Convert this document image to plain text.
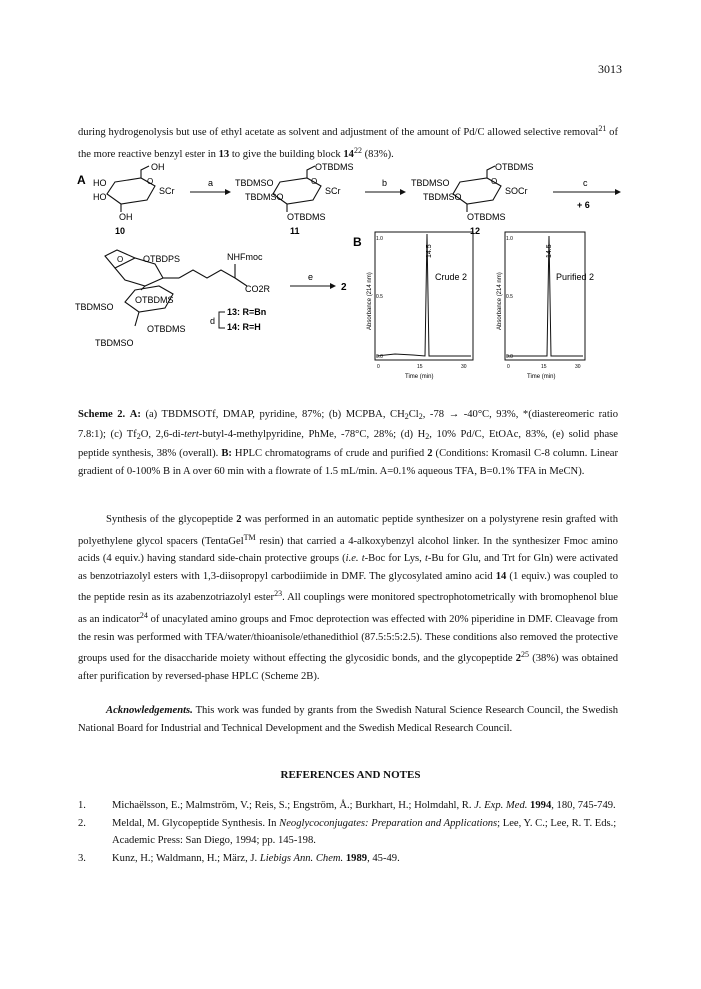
3013

during hydrogenolysis but use of ethyl acetate as solvent and adjustment of the amount of Pd/C allowed selective removal$^{21}$ of the more reactive benzyl ester in 13 to give the building block $14^{22}$ (83%).

A
OH
HO
HO
O
SCr
OH
10
a
OTBDMS
TBDMSO
TBDMSO
O
SCr
OTBDMS
11
b
OTBDMS
TBDMSO
TBDMSO
O
SOCr
OTBDMS
12
c
+ 6
O OTBDPS	NHFmoc
CO2R
OTBDMS
TBDMSO
OTBDMS
TBDMSO
e
2
d
13: R=Bn
14: R=H
B
14.5
Crude 2
Absorbance (214 nm)
0.0
0.5
1.0
0	15	30
Time (min)
14.5
Purified 2
Absorbance (214 nm)
0.0
0.5
1.0
0	15	30
Time (min)

Scheme 2. A: (a) TBDMSOTf, DMAP, pyridine, 87%; (b) MCPBA, $CH_2Cl_2$, -78 → -40°C, 93%, *(diastereomeric ratio 7.8:1); (c) $Tf_2O$, 2,6-di-tert-butyl-4-methylpyridine, PhMe, -78°C, 28%; (d) $H_2$, 10% Pd/C, EtOAc, 83%, (e) solid phase peptide synthesis, 38% (overall). B: HPLC chromatograms of crude and purified 2 (Conditions: Kromasil C-8 column. Linear gradient of 0-100% B in A over 60 min with a flowrate of 1.5 mL/min. A=0.1% aqueous TFA, B=0.1% TFA in MeCN).

Synthesis of the glycopeptide 2 was performed in an automatic peptide synthesizer on a polystyrene resin grafted with polyethylene glycol spacers (TentaGel™ resin) that carried a 4-alkoxybenzyl alcohol linker. In the synthesizer Fmoc amino acids (4 equiv.) having standard side-chain protective groups (i.e. t-Boc for Lys, t-Bu for Glu, and Trt for Gln) were activated as benzotriazolyl esters with 1,3-diisopropyl carbodiimide in DMF. The glycosylated amino acid 14 (1 equiv.) was coupled to the peptide resin as its azabenzotriazolyl ester$^{23}$. All couplings were monitored spectrophotometrically with bromophenol blue as an indicator$^{24}$ of unacylated amino groups and Fmoc deprotection was effected with 20% piperidine in DMF. Cleavage from the resin was performed with TFA/water/thioanisole/ethanedithiol (87.5:5:5:2.5). These conditions also removed the protective groups used for the disaccharide moiety without effecting the glycosidic bonds, and the glycopeptide $2^{25}$ (38%) was obtained after purification by reversed-phase HPLC (Scheme 2B).

Acknowledgements. This work was funded by grants from the Swedish Natural Science Research Council, the Swedish National Board for Industrial and Technical Development and the Swedish Medical Research Council.

REFERENCES AND NOTES
1. Michaëlsson, E.; Malmström, V.; Reis, S.; Engström, Å.; Burkhart, H.; Holmdahl, R. J. Exp. Med. 1994, 180, 745-749.
2. Meldal, M. Glycopeptide Synthesis. In Neoglycoconjugates: Preparation and Applications; Lee, Y. C.; Lee, R. T. Eds.; Academic Press: San Diego, 1994; pp. 145-198.
3. Kunz, H.; Waldmann, H.; März, J. Liebigs Ann. Chem. 1989, 45-49.
